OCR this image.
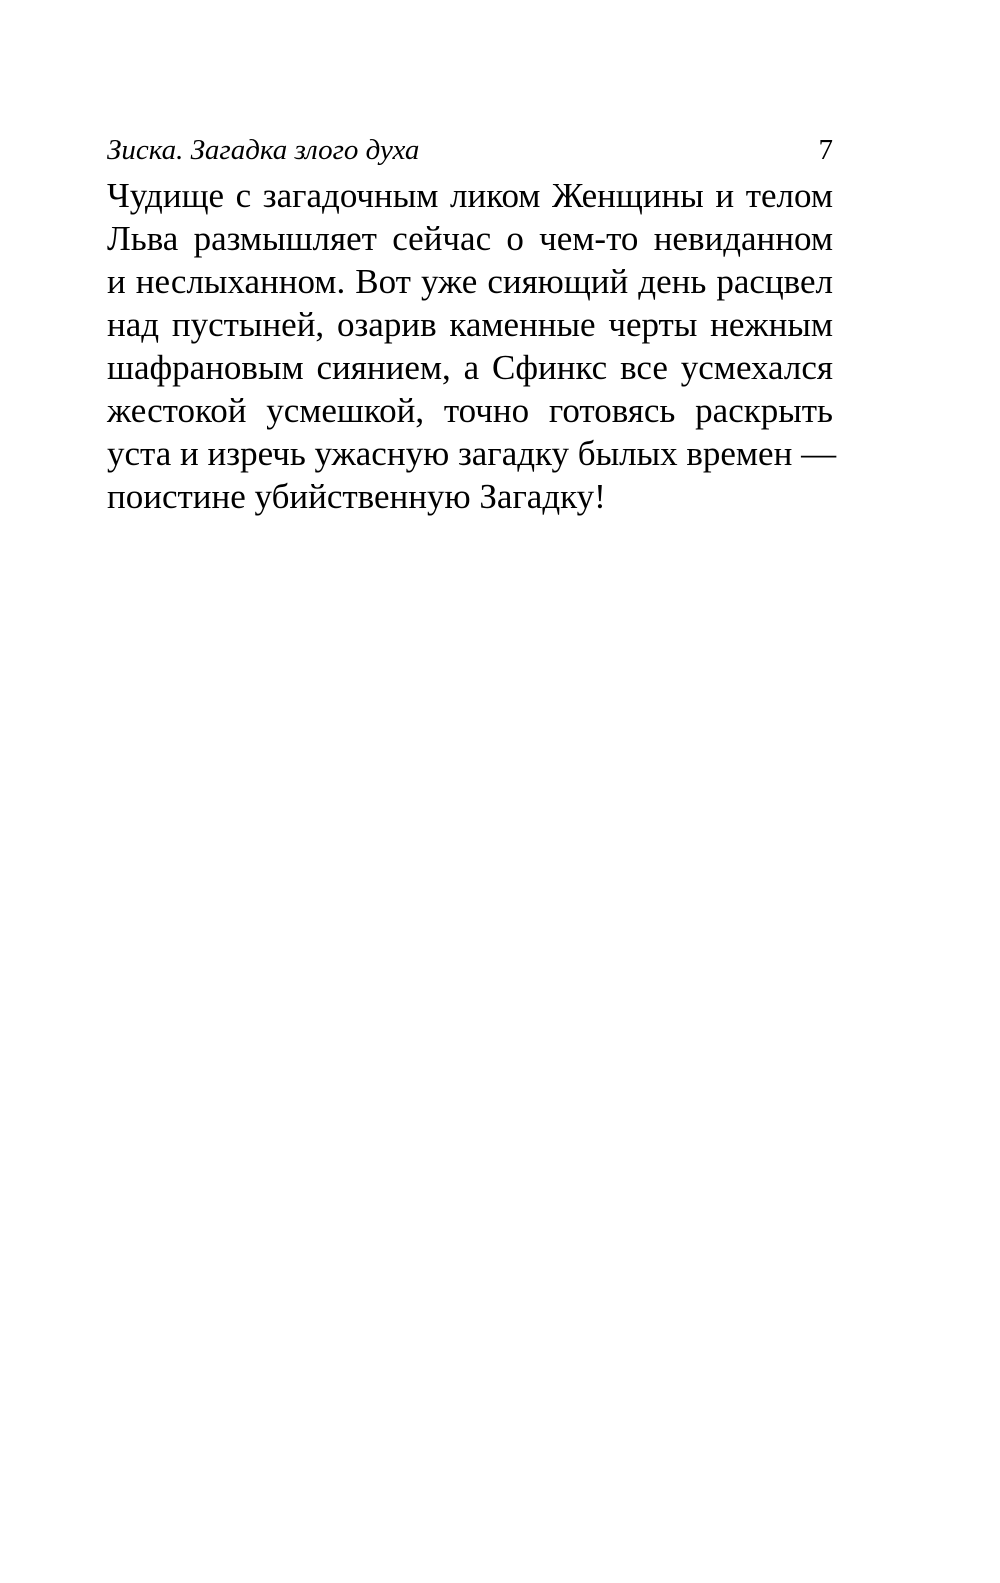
Зиска. Загадка злого духа	7
Чудище с загадочным ликом Женщины и телом
Льва размышляет сейчас о чем-то невиданном
и неслыханном. Вот уже сияющий день расцвел
над пустыней, озарив каменные черты нежным
шафрановым сиянием, а Сфинкс все усмехался
жестокой усмешкой, точно готовясь раскрыть
уста и изречь ужасную загадку былых времен —
поистине убийственную Загадку!
